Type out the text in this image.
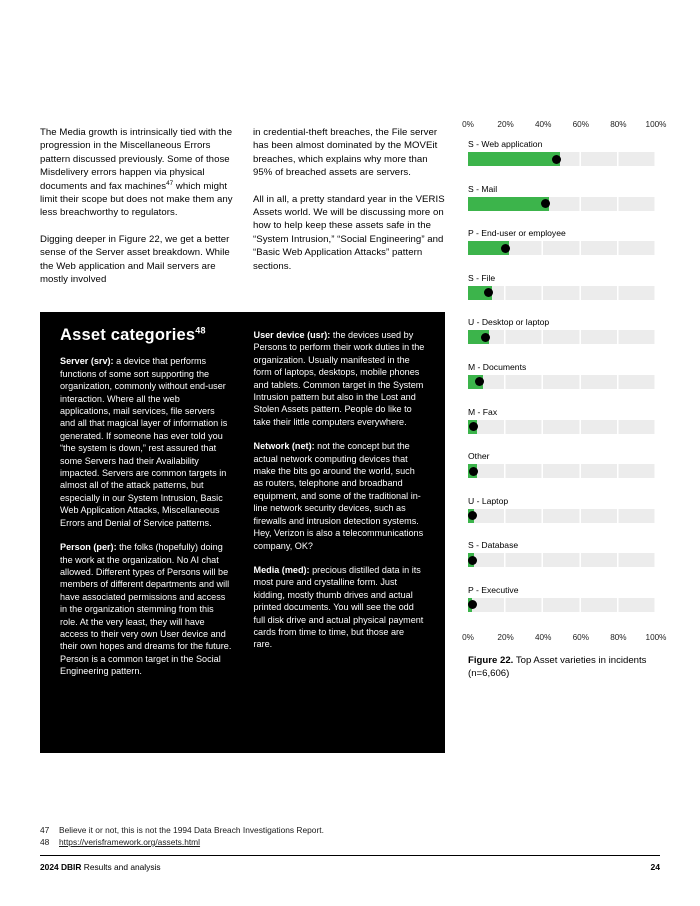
The Media growth is intrinsically tied with the progression in the Miscellaneous Errors pattern discussed previously. Some of those Misdelivery errors happen via physical documents and fax machines$^{47}$ which might limit their scope but does not make them any less breachworthy to regulators.

Digging deeper in Figure 22, we get a better sense of the Server asset breakdown. While the Web application and Mail servers are mostly involved

in credential-theft breaches, the File server has been almost dominated by the MOVEit breaches, which explains why more than 95% of breached assets are servers.

All in all, a pretty standard year in the VERIS Assets world. We will be discussing more on how to help keep these assets safe in the “System Intrusion,” “Social Engineering” and “Basic Web Application Attacks” pattern sections.

0%	20%	40%	60%	80% 100%
S - Web application
S - Mail
P - End-user or employee
S - File
U - Desktop or laptop
M - Documents
M - Fax
Other
U - Laptop
S - Database
P - Executive
0%	20%	40%	60%	80% 100%
Figure 22. Top Asset varieties in incidents (n=6,606)
Asset categories$^{48}$

Server (srv): a device that performs functions of some sort supporting the organization, commonly without end-user interaction. Where all the web applications, mail services, file servers and all that magical layer of information is generated. If someone has ever told you “the system is down,” rest assured that some Servers had their Availability impacted. Servers are common targets in almost all of the attack patterns, but especially in our System Intrusion, Basic Web Application Attacks, Miscellaneous Errors and Denial of Service patterns.

Person (per): the folks (hopefully) doing the work at the organization. No AI chat allowed. Different types of Persons will be members of different departments and will have associated permissions and access in the organization stemming from this role. At the very least, they will have access to their very own User device and their own hopes and dreams for the future. Person is a common target in the Social Engineering pattern.

User device (usr): the devices used by Persons to perform their work duties in the organization. Usually manifested in the form of laptops, desktops, mobile phones and tablets. Common target in the System Intrusion pattern but also in the Lost and Stolen Assets pattern. People do like to take their little computers everywhere.

Network (net): not the concept but the actual network computing devices that make the bits go around the world, such as routers, telephone and broadband equipment, and some of the traditional in-line network security devices, such as firewalls and intrusion detection systems. Hey, Verizon is also a telecommunications company, OK?

Media (med): precious distilled data in its most pure and crystalline form. Just kidding, mostly thumb drives and actual printed documents. You will see the odd full disk drive and actual physical payment cards from time to time, but those are rare.

47	Believe it or not, this is not the 1994 Data Breach Investigations Report.
48	https://verisframework.org/assets.html
2024 DBIR Results and analysis	24
